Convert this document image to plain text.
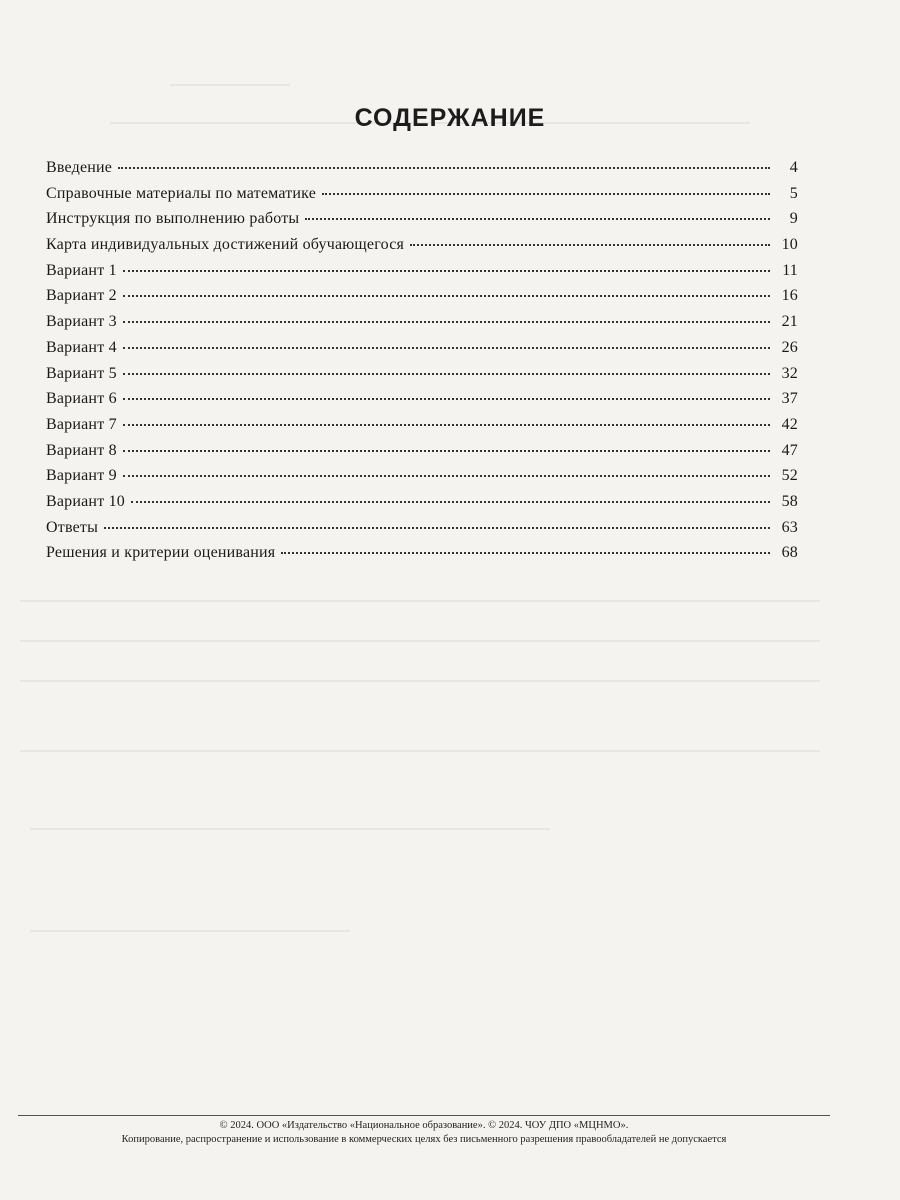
СОДЕРЖАНИЕ
Введение	4
Справочные материалы по математике	5
Инструкция по выполнению работы	9
Карта индивидуальных достижений обучающегося	10
Вариант 1	11
Вариант 2	16
Вариант 3	21
Вариант 4	26
Вариант 5	32
Вариант 6	37
Вариант 7	42
Вариант 8	47
Вариант 9	52
Вариант 10	58
Ответы	63
Решения и критерии оценивания	68
© 2024. ООО «Издательство «Национальное образование». © 2024. ЧОУ ДПО «МЦНМО».
Копирование, распространение и использование в коммерческих целях без письменного разрешения правообладателей не допускается
